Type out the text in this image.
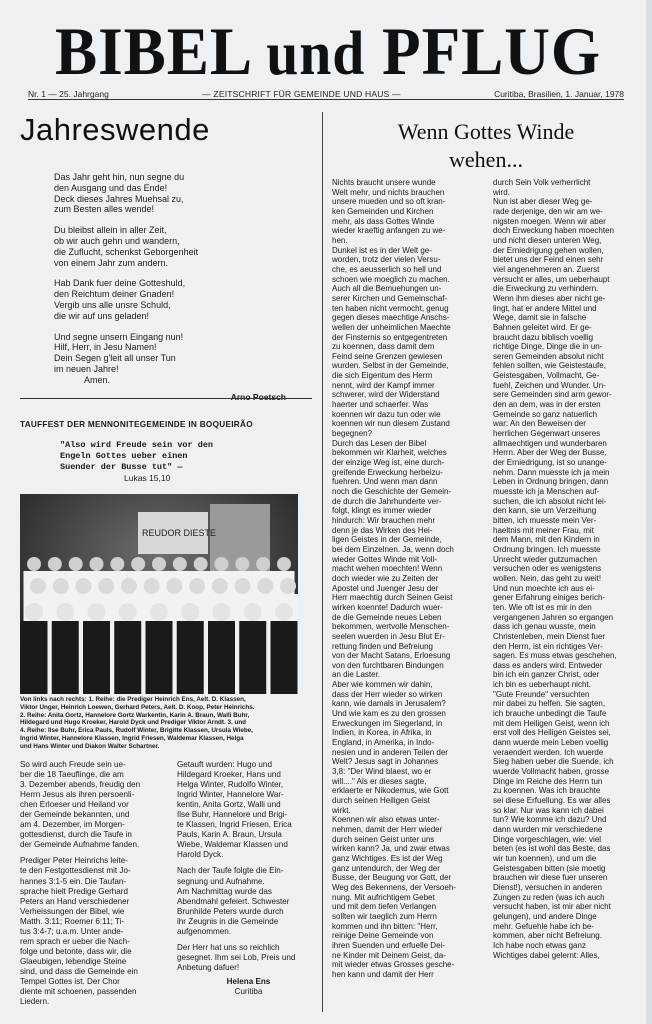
BIBEL und PFLUG
Nr. 1 — 25. Jahrgang	— ZEITSCHRIFT FÜR GEMEINDE UND HAUS —	Curitiba, Brasilien, 1. Januar, 1978
Jahreswende
Das Jahr geht hin, nun segne du
den Ausgang und das Ende!
Deck dieses Jahres Muehsal zu,
zum Besten alles wende!
Du bleibst allein in aller Zeit,
ob wir auch gehn und wandern,
die Zuflucht, schenkst Geborgenheit
von einem Jahr zum andern.
Hab Dank fuer deine Gotteshuld,
den Reichtum deiner Gnaden!
Vergib uns alle unsre Schuld,
die wir auf uns geladen!
Und segne unsern Eingang nun!
Hilf, Herr, in Jesu Namen!
Dein Segen g'leit all unser Tun
im neuen Jahre!
Amen.
Arno Poetsch
TAUFFEST DER MENNONITEGEMEINDE IN BOQUEIRÃO
"Also wird Freude sein vor den
Engeln Gottes ueber einen
Suender der Busse tut" —
Lukas 15,10
REUDOR DIESTE
Von links nach rechts: 1. Reihe: die Prediger Heinrich Ens, Aelt. D. Klassen,
Viktor Unger, Heinrich Loewen, Gerhard Peters, Aelt. D. Koop, Peter Heinrichs.
2. Reihe: Anita Gortz, Hannelore Gortz Warkentin, Karin A. Braun, Walli Buhr,
Hildegard und Hugo Kroeker, Harold Dyck und Prediger Viktor Arndt. 3. und
4. Reihe: Ilse Buhr, Erica Pauls, Rudolf Winter, Brigitte Klassen, Ursula Wiebe,
Ingrid Winter, Hannelore Klassen, Ingrid Friesen, Waldemar Klassen, Helga
und Hans Winter und Diakon Walter Schartner.
So wird auch Freude sein ue-
ber die 18 Taeuflinge, die am
3. Dezember abends, freudig den
Herrn Jesus als ihren persoenli-
chen Erloeser und Heiland vor
der Gemeinde bekannten, und
am 4. Dezember, im Morgen-
gottesdienst, durch die Taufe in
der Gemeinde Aufnahme fanden.
Prediger Peter Heinrichs leite-
te den Festgottesdienst mit Jo-
hannes 3:1-5 ein. Die Taufan-
sprache hielt Predige Gerhard
Peters an Hand verschiedener
Verheissungen der Bibel, wie
Matth. 3:11; Roemer 6:11; Ti-
tus 3:4-7; u.a.m. Unter ande-
rem sprach er ueber die Nach-
folge und betonte, dass wir, die
Glaeubigen, lebendige Steine
sind, und dass die Gemeinde ein
Tempel Gottes ist. Der Chor
diente mit schoenen, passenden
Liedern.
Getauft wurden: Hugo und
Hildegard Kroeker, Hans und
Helga Winter, Rudolfo Winter,
Ingrid Winter, Hannelore War-
kentin, Anita Gortz, Walli und
Ilse Buhr, Hannelore und Brigi-
te Klassen, Ingrid Friesen, Erica
Pauls, Karin A. Braun, Ursula
Wiebe, Waldemar Klassen und
Harold Dyck.
Nach der Taufe folgte die Ein-
segnung und Aufnahme.
Am Nachmittag wurde das
Abendmahl gefeiert. Schwester
Brunhilde Peters wurde durch
ihr Zeugnis in die Gemeinde
aufgenommen.
Der Herr hat uns so reichlich
gesegnet. Ihm sei Lob, Preis und
Anbetung dafuer!
Helena Ens
Curitiba
Wenn Gottes Winde
wehen...
Nichts braucht unsere wunde
Welt mehr, und nichts brauchen
unsere mueden und so oft kran-
ken Gemeinden und Kirchen
mehr, als dass Gottes Winde
wieder kraeftig anfangen zu we-
hen.
Dunkel ist es in der Welt ge-
worden, trotz der vielen Versu-
che, es aeusserlich so hell und
schoen wie moeglich zu machen.
Auch all die Bemuehungen un-
serer Kirchen und Gemeinschaf-
ten haben nicht vermocht, genug
gegen dieses maechtige Anschs-
wellen der unheimlichen Maechte
der Finsternis so entgegentreten
zu koennen, dass damit dem
Feind seine Grenzen gewiesen
wurden. Selbst in der Gemeinde,
die sich Eigentum des Herrn
nennt, wird der Kampf immer
schwerer, wird der Widerstand
haerter und schaerfer. Was
koennen wir dazu tun oder wie
koennen wir nun diesem Zustand
begegnen?
Durch das Lesen der Bibel
bekommen wir Klarheit, welches
der einzige Weg ist, eine durch-
greifende Erweckung herbeizu-
fuehren. Und wenn man dann
noch die Geschichte der Gemein-
de durch die Jahrhunderte ver-
folgt, klingt es immer wieder
hindurch: Wir brauchen mehr
denn je das Wirken des Hei-
ligen Geistes in der Gemeinde,
bei dem Einzelnen. Ja, wenn doch
wieder Gottes Winde mit Voll-
macht wehen moechten! Wenn
doch wieder wie zu Zeiten der
Apostel und Juenger Jesu der
Herr maechtig durch Seinen Geist
wirken koennte! Dadurch wuer-
de die Gemeinde neues Leben
bekommen, wertvolle Menschen-
seelen wuerden in Jesu Blut Er-
rettung finden und Befreiung
von der Macht Satans, Erloesung
von den furchtbaren Bindungen
an die Laster.
Aber wie kommen wir dahin,
dass der Herr wieder so wirken
kann, wie damals in Jerusalem?
Und wie kam es zu den grossen
Erweckungen im Siegerland, in
Indien, in Korea, in Afrika, in
England, in Amerika, in Indo-
nesien und in anderen Teilen der
Welt? Jesus sagt in Johannes
3,8: "Der Wind blaest, wo er
will...." Als er dieses sagte,
erklaerte er Nikodemus, wie Gott
durch seinen Heiligen Geist
wirkt.
Koennen wir also etwas unter-
nehmen, damit der Herr wieder
durch seinen Geist unter uns
wirken kann? Ja, und zwar etwas
ganz Wichtiges. Es ist der Weg
ganz untendurch, der Weg der
Busse, der Beugung vor Gott, der
Weg des Bekennens, der Versoeh-
nung. Mit aufrichtigem Gebet
und mit dem tiefen Verlangen
sollten wir taeglich zum Herrn
kommen und ihn bitten: "Herr,
reinige Deine Gemeinde von
ihren Suenden und erfuelle Dei-
ne Kinder mit Deinem Geist, da-
mit wieder etwas Grosses gesche-
hen kann und damit der Herr
durch Sein Volk verherrlicht
wird.
Nun ist aber dieser Weg ge-
rade derjenige, den wir am we-
nigsten moegen. Wenn wir aber
doch Erweckung haben moechten
und nicht diesen unteren Weg,
der Erniedrigung gehen wollen,
bietet uns der Feind einen sehr
viel angenehmeren an. Zuerst
versucht er alles, um ueberhaupt
die Erweckung zu verhindern.
Wenn ihm dieses aber nicht ge-
lingt, hat er andere Mittel und
Wege, damit sie in falsche
Bahnen geleitet wird. Er ge-
braucht dazu biblisch voellig
richtige Dinge, Dinge die in un-
seren Gemeinden absolut nicht
fehlen sollten, wie Geistestaufe,
Geistesgaben, Vollmacht, Ge-
fuehl, Zeichen und Wunder. Un-
sere Gemeinden sind arm gewor-
den an dem, was in der ersten
Gemeinde so ganz natuerlich
war: An den Beweisen der
herrlichen Gegenwart unseres
allmaechtigen und wunderbaren
Herrn. Aber der Weg der Busse,
der Erniedrigung, ist so unange-
nehm. Dann muesste ich ja mein
Leben in Ordnung bringen, dann
muesste ich ja Menschen auf-
suchen, die ich absolut nicht lei-
den kann, sie um Verzeihung
bitten, ich muesste mein Ver-
haeltnis mit meiner Frau, mit
dem Mann, mit den Kindern in
Ordnung bringen. Ich muesste
Unrecht wieder gutzumachen
versuchen oder es wenigstens
wollen. Nein, das geht zu weit!
Und nun moechte ich aus ei-
gener Erfahrung einiges berich-
ten. Wie oft ist es mir in den
vergangenen Jahren so ergangen
dass ich genau wusste, mein
Christenleben, mein Dienst fuer
den Herrn, ist ein richtiges Ver-
sagen. Es muss etwas geschehen,
dass es anders wird. Entweder
bin ich ein ganzer Christ, oder
ich bin es ueberhaupt nicht.
"Gute Freunde" versuchten
mir dabei zu helfen. Sie sagten,
ich brauche unbedingt die Taufe
mit dem Heiligen Geist, wenn ich
erst voll des Heiligen Geistes sei,
dann wuerde mein Leben voellig
veraendert werden. Ich wuerde
Sieg haben ueber die Suende, ich
wuerde Vollmacht haben, grosse
Dinge im Reiche des Herrn tun
zu koennen. Was ich brauchte
sei diese Erfuellung. Es war alles
so klar. Nur was kann ich dabei
tun? Wie komme ich dazu? Und
dann wurden mir verschiedene
Dinge vorgeschlagen, wie: viel
beten (es ist wohl das Beste, das
wir tun koennen), und um die
Geistesgaben bitten (sie moetig
brauchen wir diese fuer unseren
Dienst!), versuchen in anderen
Zungen zu reden (was ich auch
versucht haben, ist mir aber nicht
gelungen), und andere Dinge
mehr. Gefuehle habe ich be-
kommen, aber nicht Befreiung.
Ich habe noch etwas ganz
Wichtiges dabei gelernt: Alles,
